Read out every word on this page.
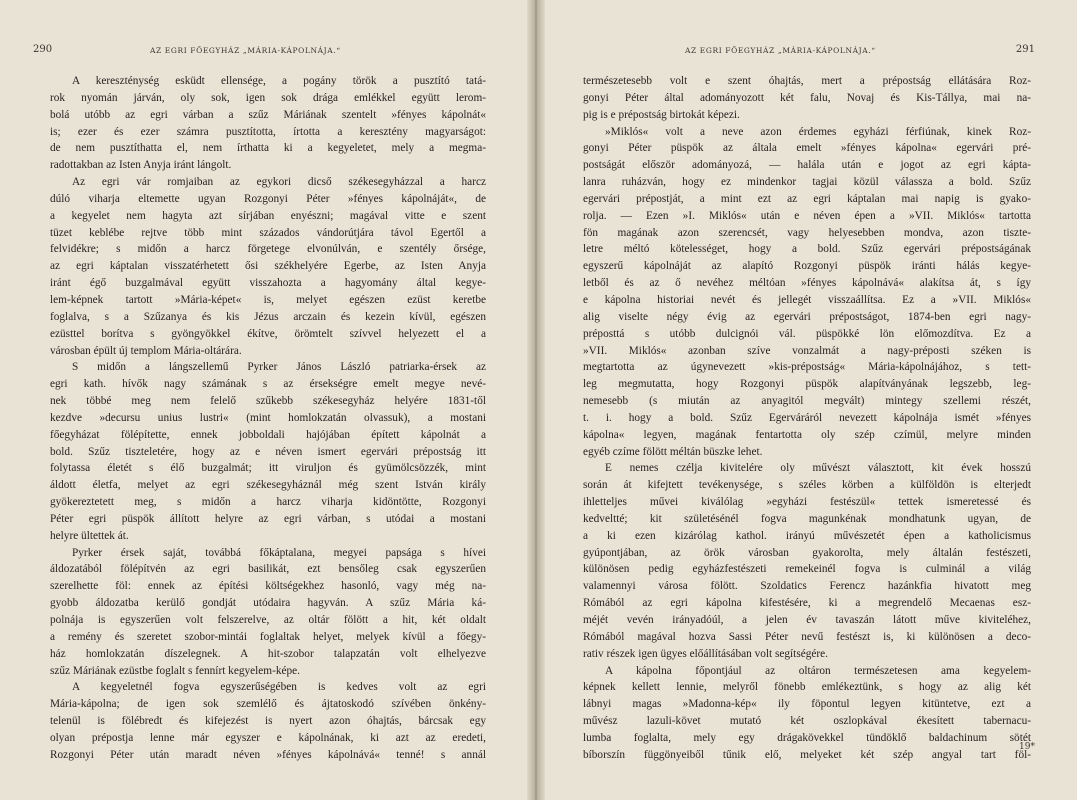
290	AZ EGRI FŐEGYHÁZ „MÁRIA-KÁPOLNÁJA.“
A kereszténység esküdt ellensége, a pogány török a pusztító tatá-
rok nyomán járván, oly sok, igen sok drága emlékkel együtt lerom-
bolá utóbb az egri várban a szűz Máriának szentelt »fényes kápolnát«
is; ezer és ezer számra pusztította, írtotta a keresztény magyarságot:
de nem pusztíthatta el, nem írthatta ki a kegyeletet, mely a megma-
radottakban az Isten Anyja iránt lángolt.
Az egri vár romjaiban az egykori dicső székesegyházzal a harcz
dúló viharja eltemette ugyan Rozgonyi Péter »fényes kápolnáját«, de
a kegyelet nem hagyta azt sírjában enyészni; magával vitte e szent
tüzet keblébe rejtve több mint százados vándorútjára távol Egertől a
felvidékre; s midőn a harcz förgetege elvonúlván, e szentély őrsége,
az egri káptalan visszatérhetett ősi székhelyére Egerbe, az Isten Anyja
iránt égő buzgalmával együtt visszahozta a hagyomány által kegye-
lem-képnek tartott »Mária-képet« is, melyet egészen ezüst keretbe
foglalva, s a Szűzanya és kis Jézus arczain és kezein kívül, egészen
ezüsttel borítva s gyöngyökkel ékítve, örömtelt szívvel helyezett el a
városban épült új templom Mária-oltárára.
S midőn a lángszellemű Pyrker János László patriarka-érsek az
egri kath. hívők nagy számának s az érsekségre emelt megye nevé-
nek többé meg nem felelő szűkebb székesegyház helyére 1831-től
kezdve »decursu unius lustri« (mint homlokzatán olvassuk), a mostani
főegyházat fölépítette, ennek jobboldali hajójában épített kápolnát a
bold. Szűz tiszteletére, hogy az e néven ismert egervári prépostság itt
folytassa életét s élő buzgalmát; itt viruljon és gyümölcsözzék, mint
áldott életfa, melyet az egri székesegyháznál még szent István király
gyökereztetett meg, s midőn a harcz viharja kidöntötte, Rozgonyi
Péter egri püspök állított helyre az egri várban, s utódai a mostani
helyre ültettek át.
Pyrker érsek saját, továbbá főkáptalana, megyei papsága s hívei
áldozatából fölépítvén az egri basilikát, ezt bensőleg csak egyszerűen
szerelhette föl: ennek az építési költségekhez hasonló, vagy még na-
gyobb áldozatba kerülő gondját utódaira hagyván. A szűz Mária ká-
polnája is egyszerűen volt felszerelve, az oltár fölött a hit, két oldalt
a remény és szeretet szobor-mintái foglaltak helyet, melyek kívül a főegy-
ház homlokzatán díszelegnek. A hit-szobor talapzatán volt elhelyezve
szűz Máriának ezüstbe foglalt s fennírt kegyelem-képe.
A kegyeletnél fogva egyszerűségében is kedves volt az egri
Mária-kápolna; de igen sok szemlélő és ájtatoskodó szívében önkény-
telenül is fölébredt és kifejezést is nyert azon óhajtás, bárcsak egy
olyan prépostja lenne már egyszer e kápolnának, ki azt az eredeti,
Rozgonyi Péter után maradt néven »fényes kápolnává« tenné! s annál
AZ EGRI FŐEGYHÁZ „MÁRIA-KÁPOLNÁJA.“	291
természetesebb volt e szent óhajtás, mert a prépostság ellátására Roz-
gonyi Péter által adományozott két falu, Novaj és Kis-Tállya, mai na-
pig is e prépostság birtokát képezi.
»Miklós« volt a neve azon érdemes egyházi férfiúnak, kinek Roz-
gonyi Péter püspök az általa emelt »fényes kápolna« egervári pré-
postságát először adományozá, — halála után e jogot az egri kápta-
lanra ruházván, hogy ez mindenkor tagjai közül válassza a bold. Szűz
egervári prépostját, a mint ezt az egri káptalan mai napig is gyako-
rolja. — Ezen »I. Miklós« után e néven épen a »VII. Miklós« tartotta
fön magának azon szerencsét, vagy helyesebben mondva, azon tiszte-
letre méltó kötelességet, hogy a bold. Szűz egervári prépostságának
egyszerű kápolnáját az alapító Rozgonyi püspök iránti hálás kegye-
letből és az ő nevéhez méltóan »fényes kápolnává« alakítsa át, s így
e kápolna historiai nevét és jellegét visszaállítsa. Ez a »VII. Miklós«
alig viselte négy évig az egervári prépostságot, 1874-ben egri nagy-
préposttá s utóbb dulcignói vál. püspökké lön előmozdítva. Ez a
»VII. Miklós« azonban szíve vonzalmát a nagy-préposti széken is
megtartotta az úgynevezett »kis-prépostság« Mária-kápolnájához, s tett-
leg megmutatta, hogy Rozgonyi püspök alapítványának legszebb, leg-
nemesebb (s miután az anyagitól megvált) mintegy szellemi részét,
t. i. hogy a bold. Szűz Egerváráról nevezett kápolnája ismét »fényes
kápolna« legyen, magának fentartotta oly szép czímül, melyre minden
egyéb czíme fölött méltán büszke lehet.
E nemes czélja kivitelére oly művészt választott, kit évek hosszú
során át kifejtett tevékenysége, s széles körben a külföldön is elterjedt
ihletteljes művei kiválólag »egyházi festészül« tettek ismeretessé és
kedveltté; kit születésénél fogva magunkénak mondhatunk ugyan, de
a ki ezen kizárólag kathol. irányú művészetét épen a katholicismus
gyúpontjában, az örök városban gyakorolta, mely általán festészeti,
különösen pedig egyházfestészeti remekeinél fogva is culminál a világ
valamennyi városa fölött. Szoldatics Ferencz hazánkfia hivatott meg
Rómából az egri kápolna kifestésére, ki a megrendelő Mecaenas esz-
méjét vevén irányadóúl, a jelen év tavaszán látott műve kiviteléhez,
Rómából magával hozva Sassi Péter nevű festészt is, ki különösen a deco-
rativ részek igen ügyes előállításában volt segítségére.
A kápolna főpontjául az oltáron természetesen ama kegyelem-
képnek kellett lennie, melyről fönebb emlékeztünk, s hogy az alig két
lábnyi magas »Madonna-kép« ily föpontul legyen kitüntetve, ezt a
művész lazuli-követ mutató két oszlopkával ékesített tabernacu-
lumba foglalta, mely egy drágakövekkel tündöklő baldachinum sötét
bíborszín függönyeiből tűnik elő, melyeket két szép angyal tart föl-
19*
